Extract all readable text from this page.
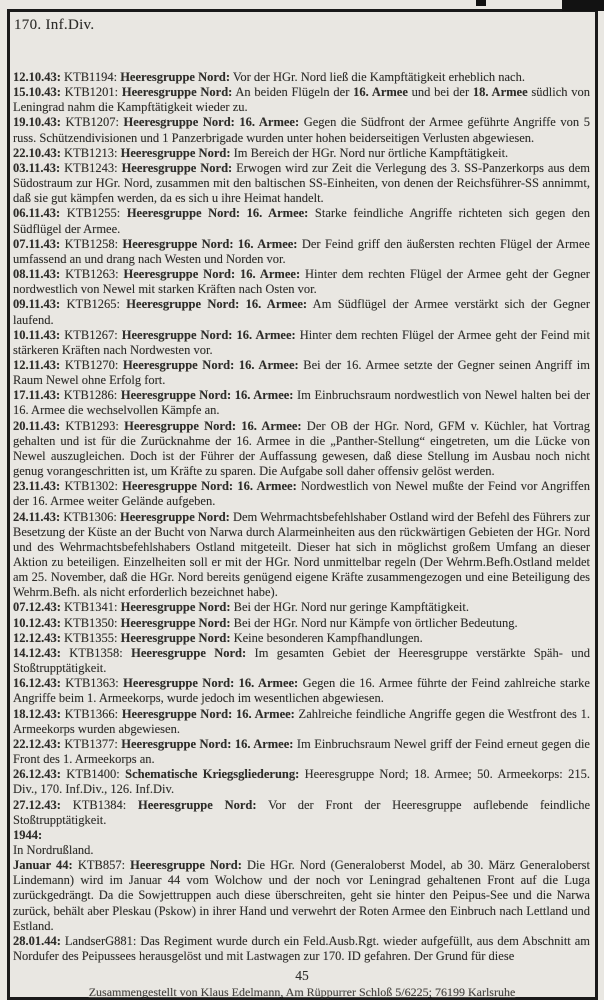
170. Inf.Div.

12.10.43: KTB1194: Heeresgruppe Nord: Vor der HGr. Nord ließ die Kampftätigkeit erheblich nach.

15.10.43: KTB1201: Heeresgruppe Nord: An beiden Flügeln der 16. Armee und bei der 18. Armee südlich von Leningrad nahm die Kampftätigkeit wieder zu.

19.10.43: KTB1207: Heeresgruppe Nord: 16. Armee: Gegen die Südfront der Armee geführte Angriffe von 5 russ. Schützendivisionen und 1 Panzerbrigade wurden unter hohen beiderseitigen Verlusten abgewiesen.

22.10.43: KTB1213: Heeresgruppe Nord: Im Bereich der HGr. Nord nur örtliche Kampftätigkeit.

03.11.43: KTB1243: Heeresgruppe Nord: Erwogen wird zur Zeit die Verlegung des 3. SS-Panzerkorps aus dem Südostraum zur HGr. Nord, zusammen mit den baltischen SS-Einheiten, von denen der Reichsführer-SS annimmt, daß sie gut kämpfen werden, da es sich u ihre Heimat handelt.

06.11.43: KTB1255: Heeresgruppe Nord: 16. Armee: Starke feindliche Angriffe richteten sich gegen den Südflügel der Armee.

07.11.43: KTB1258: Heeresgruppe Nord: 16. Armee: Der Feind griff den äußersten rechten Flügel der Armee umfassend an und drang nach Westen und Norden vor.

08.11.43: KTB1263: Heeresgruppe Nord: 16. Armee: Hinter dem rechten Flügel der Armee geht der Gegner nordwestlich von Newel mit starken Kräften nach Osten vor.

09.11.43: KTB1265: Heeresgruppe Nord: 16. Armee: Am Südflügel der Armee verstärkt sich der Gegner laufend.

10.11.43: KTB1267: Heeresgruppe Nord: 16. Armee: Hinter dem rechten Flügel der Armee geht der Feind mit stärkeren Kräften nach Nordwesten vor.

12.11.43: KTB1270: Heeresgruppe Nord: 16. Armee: Bei der 16. Armee setzte der Gegner seinen Angriff im Raum Newel ohne Erfolg fort.

17.11.43: KTB1286: Heeresgruppe Nord: 16. Armee: Im Einbruchsraum nordwestlich von Newel halten bei der 16. Armee die wechselvollen Kämpfe an.

20.11.43: KTB1293: Heeresgruppe Nord: 16. Armee: Der OB der HGr. Nord, GFM v. Küchler, hat Vortrag gehalten und ist für die Zurücknahme der 16. Armee in die „Panther-Stellung“ eingetreten, um die Lücke von Newel auszugleichen. Doch ist der Führer der Auffassung gewesen, daß diese Stellung im Ausbau noch nicht genug vorangeschritten ist, um Kräfte zu sparen. Die Aufgabe soll daher offensiv gelöst werden.

23.11.43: KTB1302: Heeresgruppe Nord: 16. Armee: Nordwestlich von Newel mußte der Feind vor Angriffen der 16. Armee weiter Gelände aufgeben.

24.11.43: KTB1306: Heeresgruppe Nord: Dem Wehrmachtsbefehlshaber Ostland wird der Befehl des Führers zur Besetzung der Küste an der Bucht von Narwa durch Alarmeinheiten aus den rückwärtigen Gebieten der HGr. Nord und des Wehrmachtsbefehlshabers Ostland mitgeteilt. Dieser hat sich in möglichst großem Umfang an dieser Aktion zu beteiligen. Einzelheiten soll er mit der HGr. Nord unmittelbar regeln (Der Wehrm.Befh.Ostland meldet am 25. November, daß die HGr. Nord bereits genügend eigene Kräfte zusammengezogen und eine Beteiligung des Wehrm.Befh. als nicht erforderlich bezeichnet habe).

07.12.43: KTB1341: Heeresgruppe Nord: Bei der HGr. Nord nur geringe Kampftätigkeit.

10.12.43: KTB1350: Heeresgruppe Nord: Bei der HGr. Nord nur Kämpfe von örtlicher Bedeutung.

12.12.43: KTB1355: Heeresgruppe Nord: Keine besonderen Kampfhandlungen.

14.12.43: KTB1358: Heeresgruppe Nord: Im gesamten Gebiet der Heeresgruppe verstärkte Späh- und Stoßtrupptätigkeit.

16.12.43: KTB1363: Heeresgruppe Nord: 16. Armee: Gegen die 16. Armee führte der Feind zahlreiche starke Angriffe beim 1. Armeekorps, wurde jedoch im wesentlichen abgewiesen.

18.12.43: KTB1366: Heeresgruppe Nord: 16. Armee: Zahlreiche feindliche Angriffe gegen die Westfront des 1. Armeekorps wurden abgewiesen.

22.12.43: KTB1377: Heeresgruppe Nord: 16. Armee: Im Einbruchsraum Newel griff der Feind erneut gegen die Front des 1. Armeekorps an.

26.12.43: KTB1400: Schematische Kriegsgliederung: Heeresgruppe Nord; 18. Armee; 50. Armeekorps: 215. Div., 170. Inf.Div., 126. Inf.Div.

27.12.43: KTB1384: Heeresgruppe Nord: Vor der Front der Heeresgruppe auflebende feindliche Stoßtrupptätigkeit.

1944:

In Nordrußland.

Januar 44: KTB857: Heeresgruppe Nord: Die HGr. Nord (Generaloberst Model, ab 30. März Generaloberst Lindemann) wird im Januar 44 vom Wolchow und der noch vor Leningrad gehaltenen Front auf die Luga zurückgedrängt. Da die Sowjettruppen auch diese überschreiten, geht sie hinter den Peipus-See und die Narwa zurück, behält aber Pleskau (Pskow) in ihrer Hand und verwehrt der Roten Armee den Einbruch nach Lettland und Estland.

28.01.44: LandserG881: Das Regiment wurde durch ein Feld.Ausb.Rgt. wieder aufgefüllt, aus dem Abschnitt am Nordufer des Peipussees herausgelöst und mit Lastwagen zur 170. ID gefahren. Der Grund für diese

45
Zusammengestellt von Klaus Edelmann, Am Rüppurrer Schloß 5/6225; 76199 Karlsruhe
